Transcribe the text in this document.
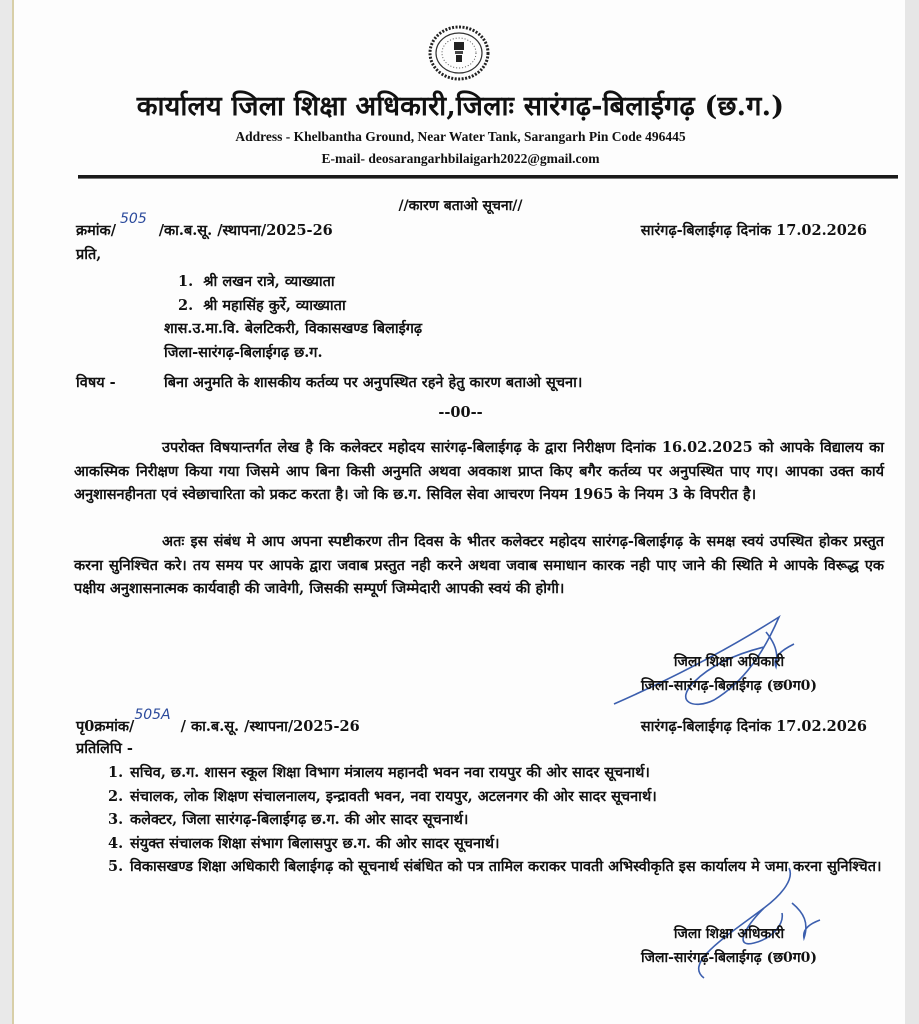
कार्यालय जिला शिक्षा अधिकारी,जिलाः सारंगढ़-बिलाईगढ़ (छ.ग.)
Address - Khelbantha Ground, Near Water Tank, Sarangarh Pin Code 496445
E-mail- deosarangarhbilaigarh2022@gmail.com
//कारण बताओ सूचना//
क्रमांक/505/का.ब.सू. /स्थापना/2025-26	सारंगढ़-बिलाईगढ़ दिनांक 17.02.2026
प्रति,
1. श्री लखन रात्रे, व्याख्याता
2. श्री महासिंह कुर्रे, व्याख्याता
शास.उ.मा.वि. बेलटिकरी, विकासखण्ड बिलाईगढ़
जिला-सारंगढ़-बिलाईगढ़ छ.ग.
विषय -	बिना अनुमति के शासकीय कर्तव्य पर अनुपस्थित रहने हेतु कारण बताओ सूचना।
--00--
उपरोक्त विषयान्तर्गत लेख है कि कलेक्टर महोदय सारंगढ़-बिलाईगढ़ के द्वारा निरीक्षण दिनांक 16.02.2025 को आपके विद्यालय का आकस्मिक निरीक्षण किया गया जिसमे आप बिना किसी अनुमति अथवा अवकाश प्राप्त किए बगैर कर्तव्य पर अनुपस्थित पाए गए। आपका उक्त कार्य अनुशासनहीनता एवं स्वेछाचारिता को प्रकट करता है। जो कि छ.ग. सिविल सेवा आचरण नियम 1965 के नियम 3 के विपरीत है।
अतः इस संबंध मे आप अपना स्पष्टीकरण तीन दिवस के भीतर कलेक्टर महोदय सारंगढ़-बिलाईगढ़ के समक्ष स्वयं उपस्थित होकर प्रस्तुत करना सुनिश्चित करे। तय समय पर आपके द्वारा जवाब प्रस्तुत नही करने अथवा जवाब समाधान कारक नही पाए जाने की स्थिति मे आपके विरूद्ध एक पक्षीय अनुशासनात्मक कार्यवाही की जावेगी, जिसकी सम्पूर्ण जिम्मेदारी आपकी स्वयं की होगी।
जिला शिक्षा अधिकारी
जिला-सारंगढ़-बिलाईगढ़ (छ0ग0)
पृ0क्रमांक/505A/ का.ब.सू. /स्थापना/2025-26	सारंगढ़-बिलाईगढ़ दिनांक 17.02.2026
प्रतिलिपि -
1. सचिव, छ.ग. शासन स्कूल शिक्षा विभाग मंत्रालय महानदी भवन नवा रायपुर की ओर सादर सूचनार्थ।
2. संचालक, लोक शिक्षण संचालनालय, इन्द्रावती भवन, नवा रायपुर, अटलनगर की ओर सादर सूचनार्थ।
3. कलेक्टर, जिला सारंगढ़-बिलाईगढ़ छ.ग. की ओर सादर सूचनार्थ।
4. संयुक्त संचालक शिक्षा संभाग बिलासपुर छ.ग. की ओर सादर सूचनार्थ।
5. विकासखण्ड शिक्षा अधिकारी बिलाईगढ़ को सूचनार्थ संबंधित को पत्र तामिल कराकर पावती अभिस्वीकृति इस कार्यालय मे जमा करना सुनिश्चित।
जिला शिक्षा अधिकारी
जिला-सारंगढ़-बिलाईगढ़ (छ0ग0)
